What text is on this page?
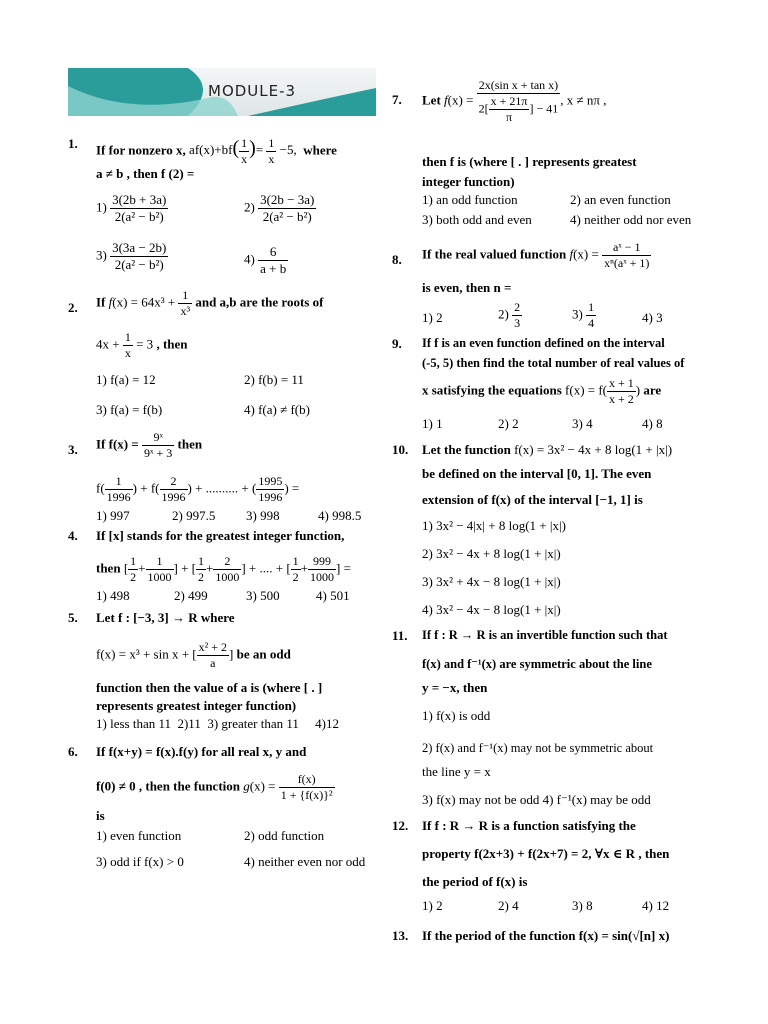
MODULE-3
1. If for nonzero x, $af(x)+bf( \frac{1}{x}$ )= $\frac{1}{x} -5$, where
a ≠ b , then f (2) =
$1) \frac{3(2b + 3a)}{\text{2(a² − b²)}}$	$2) \frac{3(2b - 3a)}{\text{2(a² − b²)}}$
$3) \frac{3(3a - 2b)}{\text{2(a² − b²)}}$	$4) \frac{6}{a + b}$
2. If $f(x) = 64x^3 + \frac{1}{\text{x³}}$ and a,b are the roots of
$4x + \frac{1}{x} = 3$ , then
1) f(a) = 12	2) f(b) = 11
3) f(a) = f(b)	4) f(a) ≠ f(b)
3. If $f(x) = \frac{\text{9ˣ}}{\text{9ˣ + 3}}$ then
$f( \frac{1}{1996}$ ) + $f( \frac{2}{1996}$ ) + .......... + ( $\frac{1995}{1996}$ ) =
1) 997	2) 997.5 3) 998	4) 998.5
4. If [x] stands for the greatest integer function,
then [ $\frac{1}{2} + \frac{1}{1000}$ ] + [ $\frac{1}{2} + \frac{2}{1000}$ ] + .... + [ $\frac{1}{2} + \frac{999}{1000}$ ] =
1) 498	2) 499	3) 500	4) 501
5. Let f : [−3, 3] → R where
f(x) = x³ + sin x + [ $\frac{\text{x² + 2}}{a}$ ] be an odd
function then the value of a is (where [ . ]
represents greatest integer function)
1) less than 11  2)11  3) greater than 11     4)12
6. If f(x+y) = f(x).f(y) for all real x, y and
f(0) ≠ 0 , then the function $g(x) = \frac{f(x)}{\text{1 + \{f(x)\}²}}$
is
1) even function	2) odd function
3) odd if f(x) > 0	4) neither even nor odd
7. Let $f(x) = \frac{\text{2x(sin x + tan x)}}{2[ \frac{x + 21\pi}{\pi} ] - 41}$ , x ≠ nπ ,
then f is (where [ . ] represents greatest
integer function)
1) an odd function	2) an even function
3) both odd and even	4) neither odd nor even
8. If the real valued function $f(x) = \frac{\text{aˣ − 1}}{\text{xⁿ(aˣ + 1)}}$
is even, then n =
1) 2	$2) \frac{2}{3}$	$3) \frac{1}{4}$	4) 3
9. If f is an even function defined on the interval
(-5, 5) then find the total number of real values of
x satisfying the equations $f(x) = f( \frac{x + 1}{x + 2}$ ) are
1) 1	2) 2	3) 4	4) 8
10. Let the function f(x) = 3x² − 4x + 8 log(1 + |x|)
be defined on the interval [0, 1]. The even
extension of f(x) of the interval [−1, 1] is
1) 3x² − 4|x| + 8 log(1 + |x|)
2) 3x² − 4x + 8 log(1 + |x|)
3) 3x² + 4x − 8 log(1 + |x|)
4) 3x² − 4x − 8 log(1 + |x|)
11. If f : R → R is an invertible function such that
f(x) and f⁻¹(x) are symmetric about the line
y = −x, then
1) f(x) is odd
2) f(x) and f⁻¹(x) may not be symmetric about
the line y = x
3) f(x) may not be odd 4) f⁻¹(x) may be odd
12. If f : R → R is a function satisfying the
property f(2x+3) + f(2x+7) = 2, ∀x ∈ R , then
the period of f(x) is
1) 2	2) 4	3) 8	4) 12
13. If the period of the function f(x) = sin(√[n] x)
